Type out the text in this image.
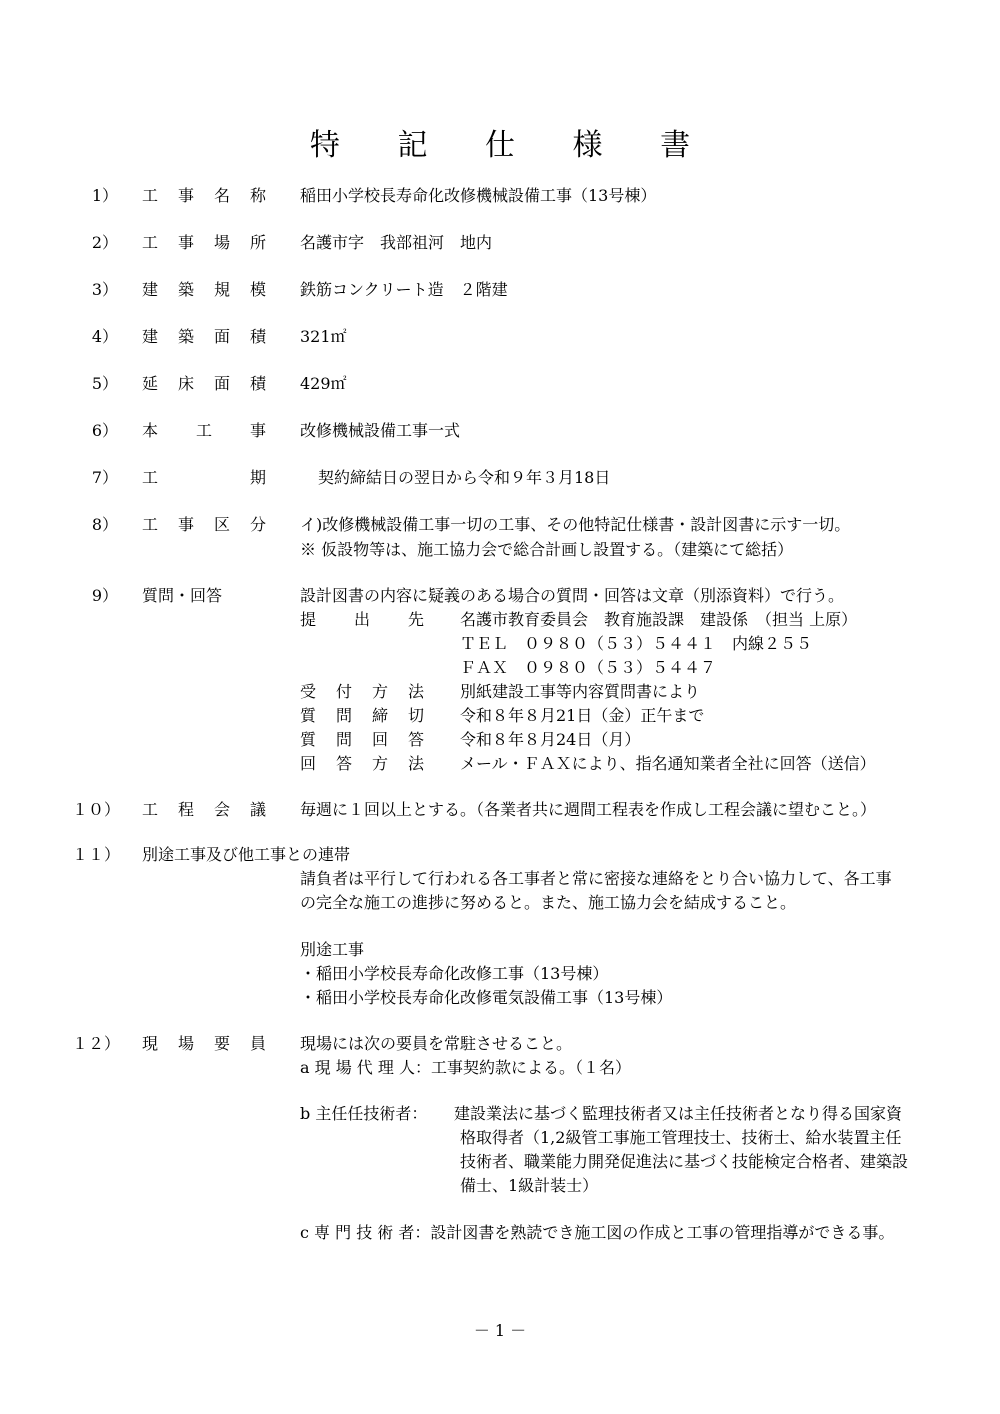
特 記 仕 様 書
1） 工 事 名 称 稲田小学校長寿命化改修機械設備工事（13号棟）
2） 工 事 場 所 名護市字　我部祖河　地内
3） 建 築 規 模 鉄筋コンクリート造　２階建
4） 建 築 面 積 321㎡
5） 延 床 面 積 429㎡
6） 本 工 事 改修機械設備工事一式
7） 工	期	契約締結日の翌日から令和９年３月18日
8） 工 事 区 分 イ)改修機械設備工事一切の工事、その他特記仕様書・設計図書に示す一切。
※ 仮設物等は、施工協力会で総合計画し設置する。（建築にて総括）
9） 質問・回答	設計図書の内容に疑義のある場合の質問・回答は文章（別添資料）で行う。
提 出 先 名護市教育委員会　教育施設課　建設係　（担当 上原）
ＴＥＬ　０９８０（５３）５４４１　内線２５５
ＦＡＸ　０９８０（５３）５４４７
受 付 方 法 別紙建設工事等内容質問書により
質 問 締 切 令和８年８月21日（金）正午まで
質 問 回 答 令和８年８月24日（月）
回 答 方 法 メール・ＦＡＸにより、指名通知業者全社に回答（送信）
１０） 工 程 会 議 毎週に１回以上とする。（各業者共に週間工程表を作成し工程会議に望むこと。）
１１） 別途工事及び他工事との連帯
請負者は平行して行われる各工事者と常に密接な連絡をとり合い協力して、各工事
の完全な施工の進捗に努めると。また、施工協力会を結成すること。
別途工事
・稲田小学校長寿命化改修工事（13号棟）
・稲田小学校長寿命化改修電気設備工事（13号棟）
１２） 現 場 要 員 現場には次の要員を常駐させること。
a 現 場 代 理 人：工事契約款による。（１名）
b 主任任技術者： 建設業法に基づく監理技術者又は主任技術者となり得る国家資
格取得者（1,2級管工事施工管理技士、技術士、給水装置主任
技術者、職業能力開発促進法に基づく技能検定合格者、建築設
備士、1級計装士）
c 専 門 技 術 者：設計図書を熟読でき施工図の作成と工事の管理指導ができる事。
－ 1 －
